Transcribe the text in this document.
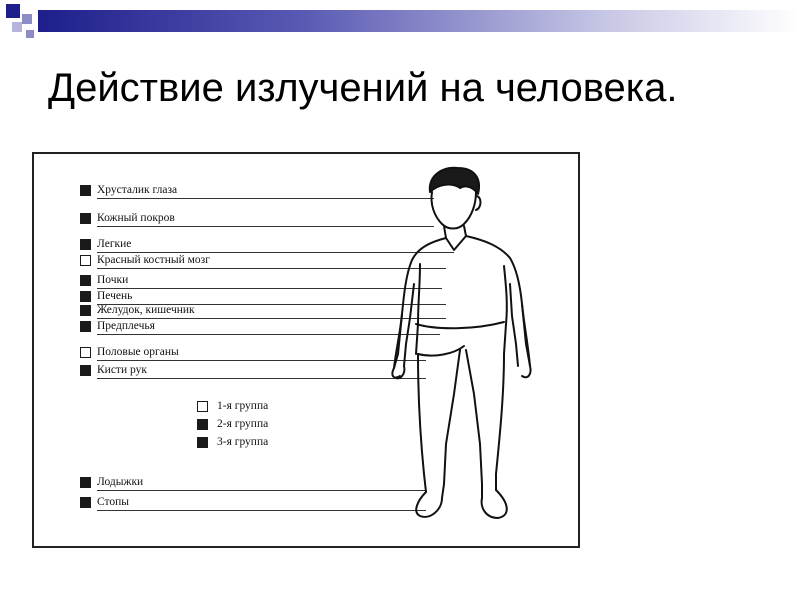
Действие излучений на человека.
Хрусталик глаза
Кожный покров
Легкие
Красный костный мозг
Почки
Печень
Желудок, кишечник
Предплечья
Половые органы
Кисти рук
Лодыжки
Стопы
1-я группа
2-я группа
3-я группа
